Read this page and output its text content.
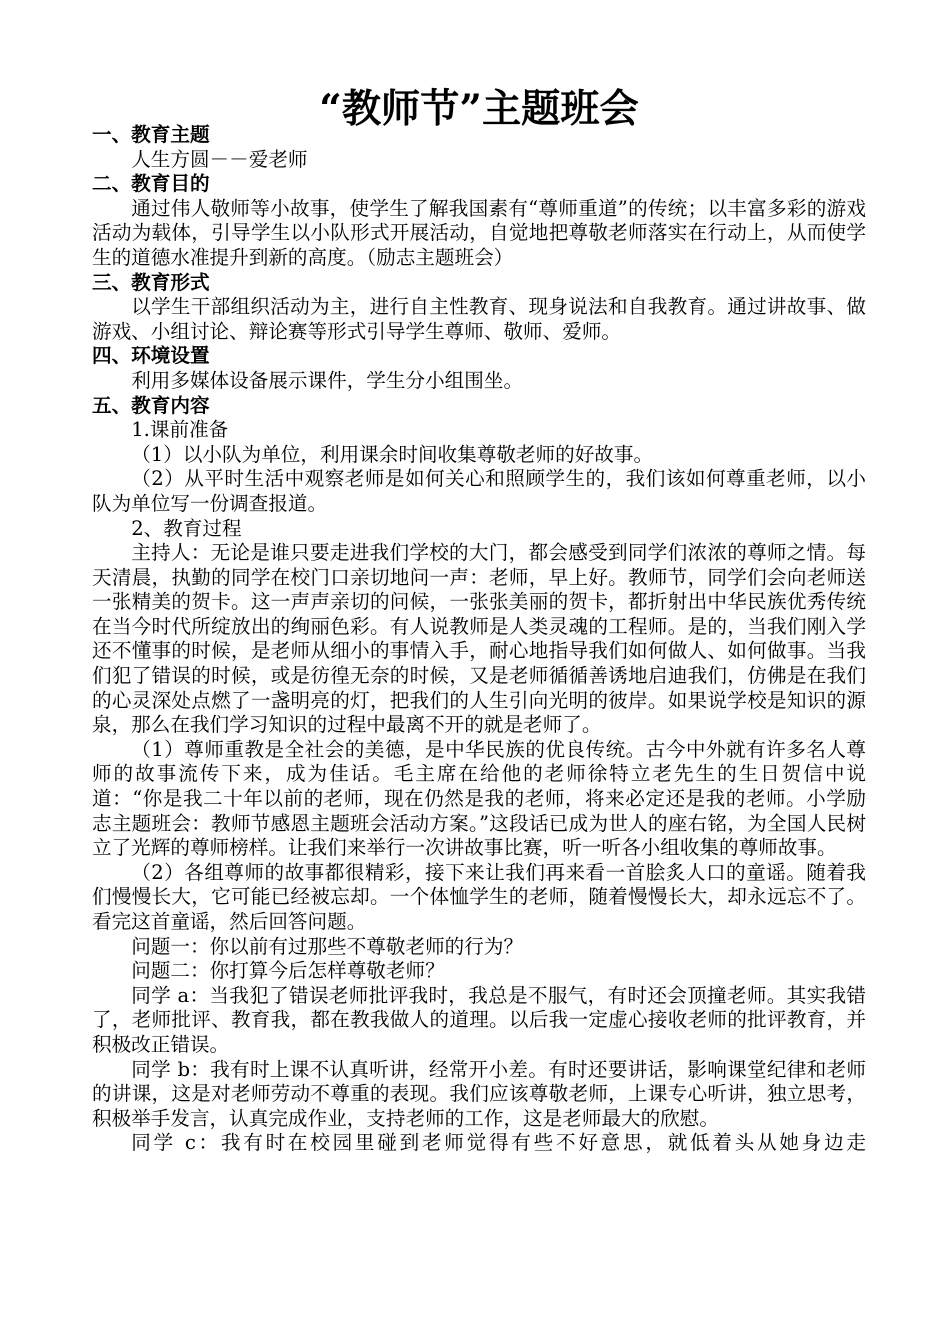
“教师节”主题班会
一、教育主题

人生方圆－－爱老师

二、教育目的

通过伟人敬师等小故事，使学生了解我国素有“尊师重道”的传统；以丰富多彩的游戏活动为载体，引导学生以小队形式开展活动，自觉地把尊敬老师落实在行动上，从而使学生的道德水准提升到新的高度。（励志主题班会）

三、教育形式

以学生干部组织活动为主，进行自主性教育、现身说法和自我教育。通过讲故事、做游戏、小组讨论、辩论赛等形式引导学生尊师、敬师、爱师。

四、环境设置

利用多媒体设备展示课件，学生分小组围坐。

五、教育内容

1.课前准备

（1）以小队为单位，利用课余时间收集尊敬老师的好故事。

（2）从平时生活中观察老师是如何关心和照顾学生的，我们该如何尊重老师，以小队为单位写一份调查报道。

2、教育过程

主持人：无论是谁只要走进我们学校的大门，都会感受到同学们浓浓的尊师之情。每天清晨，执勤的同学在校门口亲切地问一声：老师，早上好。教师节，同学们会向老师送一张精美的贺卡。这一声声亲切的问候，一张张美丽的贺卡，都折射出中华民族优秀传统在当今时代所绽放出的绚丽色彩。有人说教师是人类灵魂的工程师。是的，当我们刚入学还不懂事的时候，是老师从细小的事情入手，耐心地指导我们如何做人、如何做事。当我们犯了错误的时候，或是彷徨无奈的时候，又是老师循循善诱地启迪我们，仿佛是在我们的心灵深处点燃了一盏明亮的灯，把我们的人生引向光明的彼岸。如果说学校是知识的源泉，那么在我们学习知识的过程中最离不开的就是老师了。

（1）尊师重教是全社会的美德，是中华民族的优良传统。古今中外就有许多名人尊师的故事流传下来，成为佳话。毛主席在给他的老师徐特立老先生的生日贺信中说道：“你是我二十年以前的老师，现在仍然是我的老师，将来必定还是我的老师。小学励志主题班会：教师节感恩主题班会活动方案。”这段话已成为世人的座右铭，为全国人民树立了光辉的尊师榜样。让我们来举行一次讲故事比赛，听一听各小组收集的尊师故事。

（2）各组尊师的故事都很精彩，接下来让我们再来看一首脍炙人口的童谣。随着我们慢慢长大，它可能已经被忘却。一个体恤学生的老师，随着慢慢长大，却永远忘不了。看完这首童谣，然后回答问题。

问题一：你以前有过那些不尊敬老师的行为？

问题二：你打算今后怎样尊敬老师？

同学 a：当我犯了错误老师批评我时，我总是不服气，有时还会顶撞老师。其实我错了，老师批评、教育我，都在教我做人的道理。以后我一定虚心接收老师的批评教育，并积极改正错误。

同学 b：我有时上课不认真听讲，经常开小差。有时还要讲话，影响课堂纪律和老师的讲课，这是对老师劳动不尊重的表现。我们应该尊敬老师，上课专心听讲，独立思考，积极举手发言，认真完成作业，支持老师的工作，这是老师最大的欣慰。

同学 c：我有时在校园里碰到老师觉得有些不好意思，就低着头从她身边走
